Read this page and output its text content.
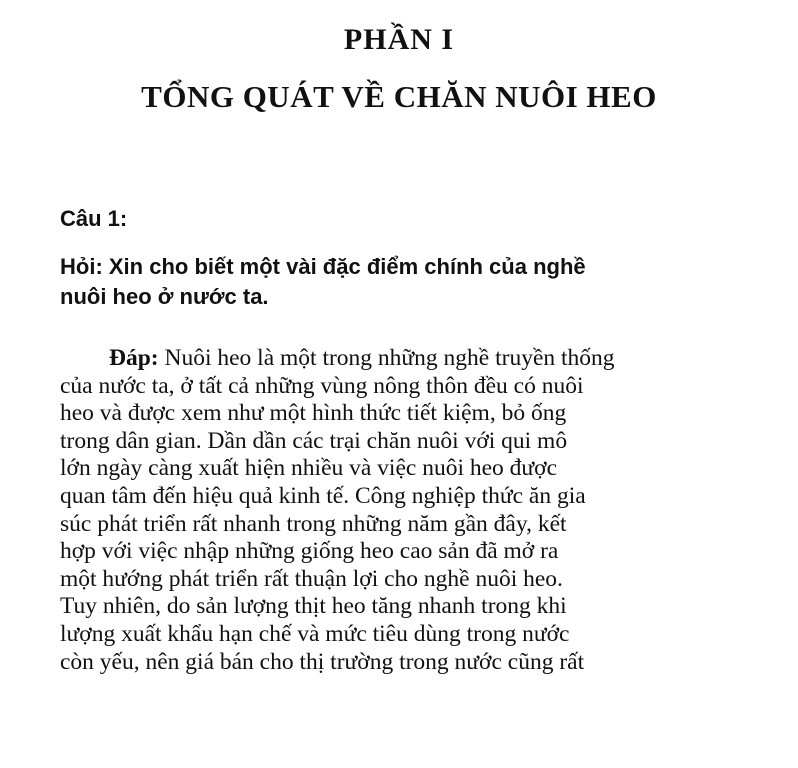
PHẦN I
TỔNG QUÁT VỀ CHĂN NUÔI HEO
Câu 1:
Hỏi: Xin cho biết một vài đặc điểm chính của nghề
nuôi heo ở nước ta.
Đáp: Nuôi heo là một trong những nghề truyền thống
của nước ta, ở tất cả những vùng nông thôn đều có nuôi
heo và được xem như một hình thức tiết kiệm, bỏ ống
trong dân gian. Dần dần các trại chăn nuôi với qui mô
lớn ngày càng xuất hiện nhiều và việc nuôi heo được
quan tâm đến hiệu quả kinh tế. Công nghiệp thức ăn gia
súc phát triển rất nhanh trong những năm gần đây, kết
hợp với việc nhập những giống heo cao sản đã mở ra
một hướng phát triển rất thuận lợi cho nghề nuôi heo.
Tuy nhiên, do sản lượng thịt heo tăng nhanh trong khi
lượng xuất khẩu hạn chế và mức tiêu dùng trong nước
còn yếu, nên giá bán cho thị trường trong nước cũng rất
